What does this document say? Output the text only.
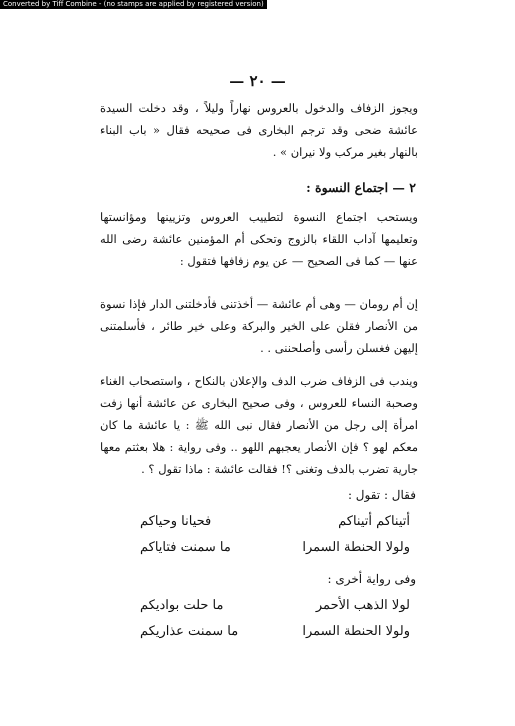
Converted by Tiff Combine - (no stamps are applied by registered version)
— ٢٠ —
ويجوز الزفاف والدخول بالعروس نهاراً وليلاً ، وقد دخلت السيدة عائشة ضحى وقد ترجم البخارى فى صحيحه فقال « باب البناء بالنهار بغير مركب ولا نيران » .
٢ — اجتماع النسوة :
ويستحب اجتماع النسوة لتطييب العروس وتزيينها ومؤانستها وتعليمها آداب اللقاء بالزوج وتحكى أم المؤمنين عائشة رضى الله عنها — كما فى الصحيح — عن يوم زفافها فتقول :
إن أم رومان — وهى أم عائشة — أخذتنى فأدخلتنى الدار فإذا نسوة من الأنصار فقلن على الخير والبركة وعلى خير طائر ، فأسلمتنى إليهن فغسلن رأسى وأصلحننى . .
ويندب فى الزفاف ضرب الدف والإعلان بالنكاح ، واستصحاب الغناء وصحبة النساء للعروس ، وفى صحيح البخارى عن عائشة أنها زفت امرأة إلى رجل من الأنصار فقال نبى الله ﷺ : يا عائشة ما كان معكم لهو ؟ فإن الأنصار يعجبهم اللهو .. وفى رواية : هلا بعثتم معها جارية تضرب بالدف وتغنى ؟! فقالت عائشة : ماذا تقول ؟ .
فقال : تقول :
أتيناكم أتيناكم
فحيانا وحياكم
ولولا الحنطة السمرا
ما سمنت فتاياكم
وفى رواية أخرى :
لولا الذهب الأحمر
ما حلت بواديكم
ولولا الحنطة السمرا
ما سمنت عذاريكم
